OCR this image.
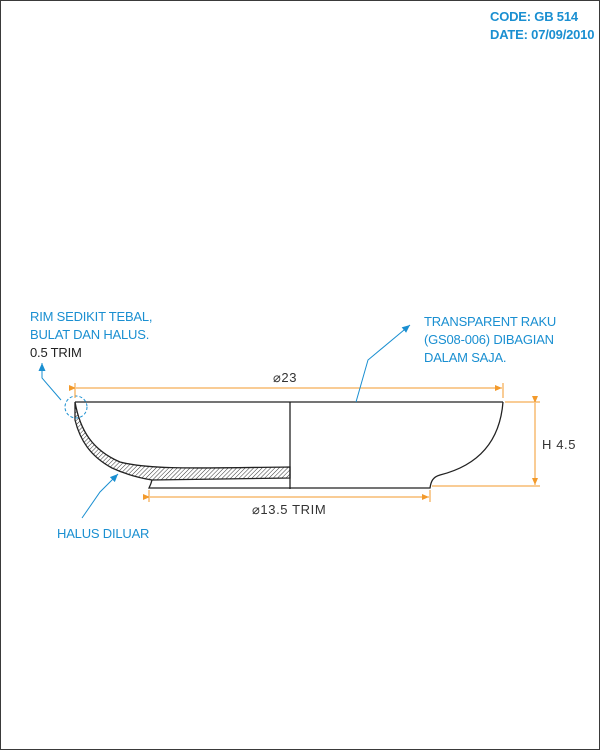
CODE: GB 514
DATE: 07/09/2010
RIM SEDIKIT TEBAL,
BULAT DAN HALUS.
0.5 TRIM
TRANSPARENT RAKU
(GS08-006) DIBAGIAN
DALAM SAJA.
HALUS DILUAR
⌀23
⌀13.5 TRIM
H 4.5
